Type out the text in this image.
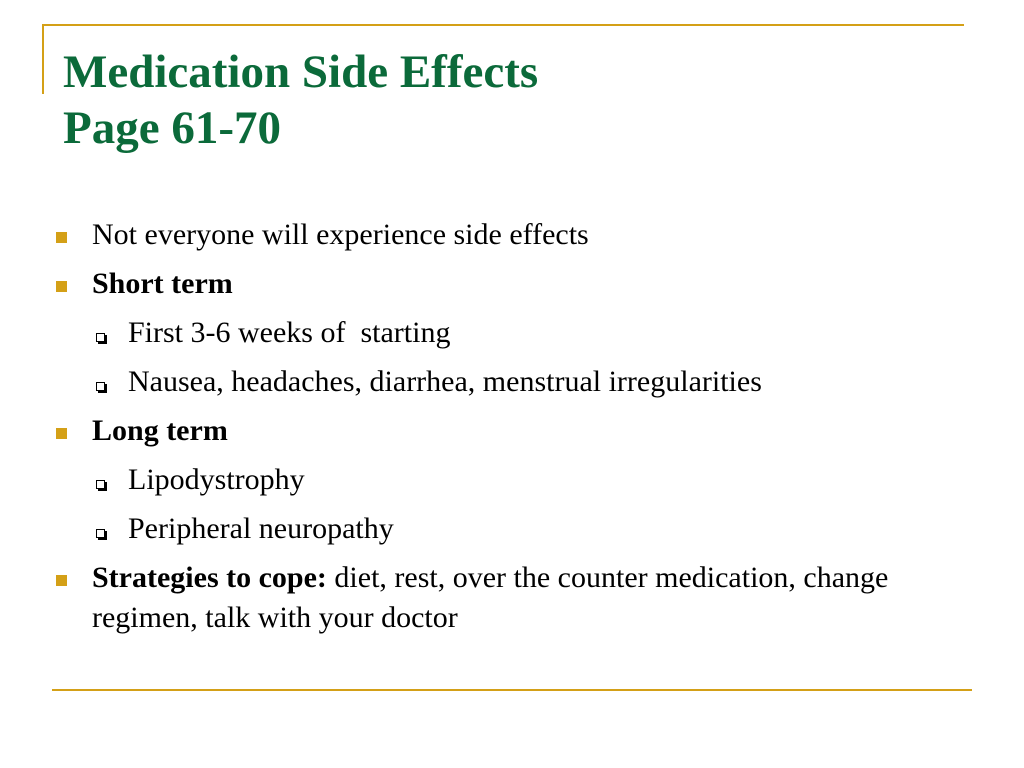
Medication Side Effects
Page 61-70
Not everyone will experience side effects
Short term
First 3-6 weeks of  starting
Nausea, headaches, diarrhea, menstrual irregularities
Long term
Lipodystrophy
Peripheral neuropathy
Strategies to cope: diet, rest, over the counter medication, change regimen, talk with your doctor
